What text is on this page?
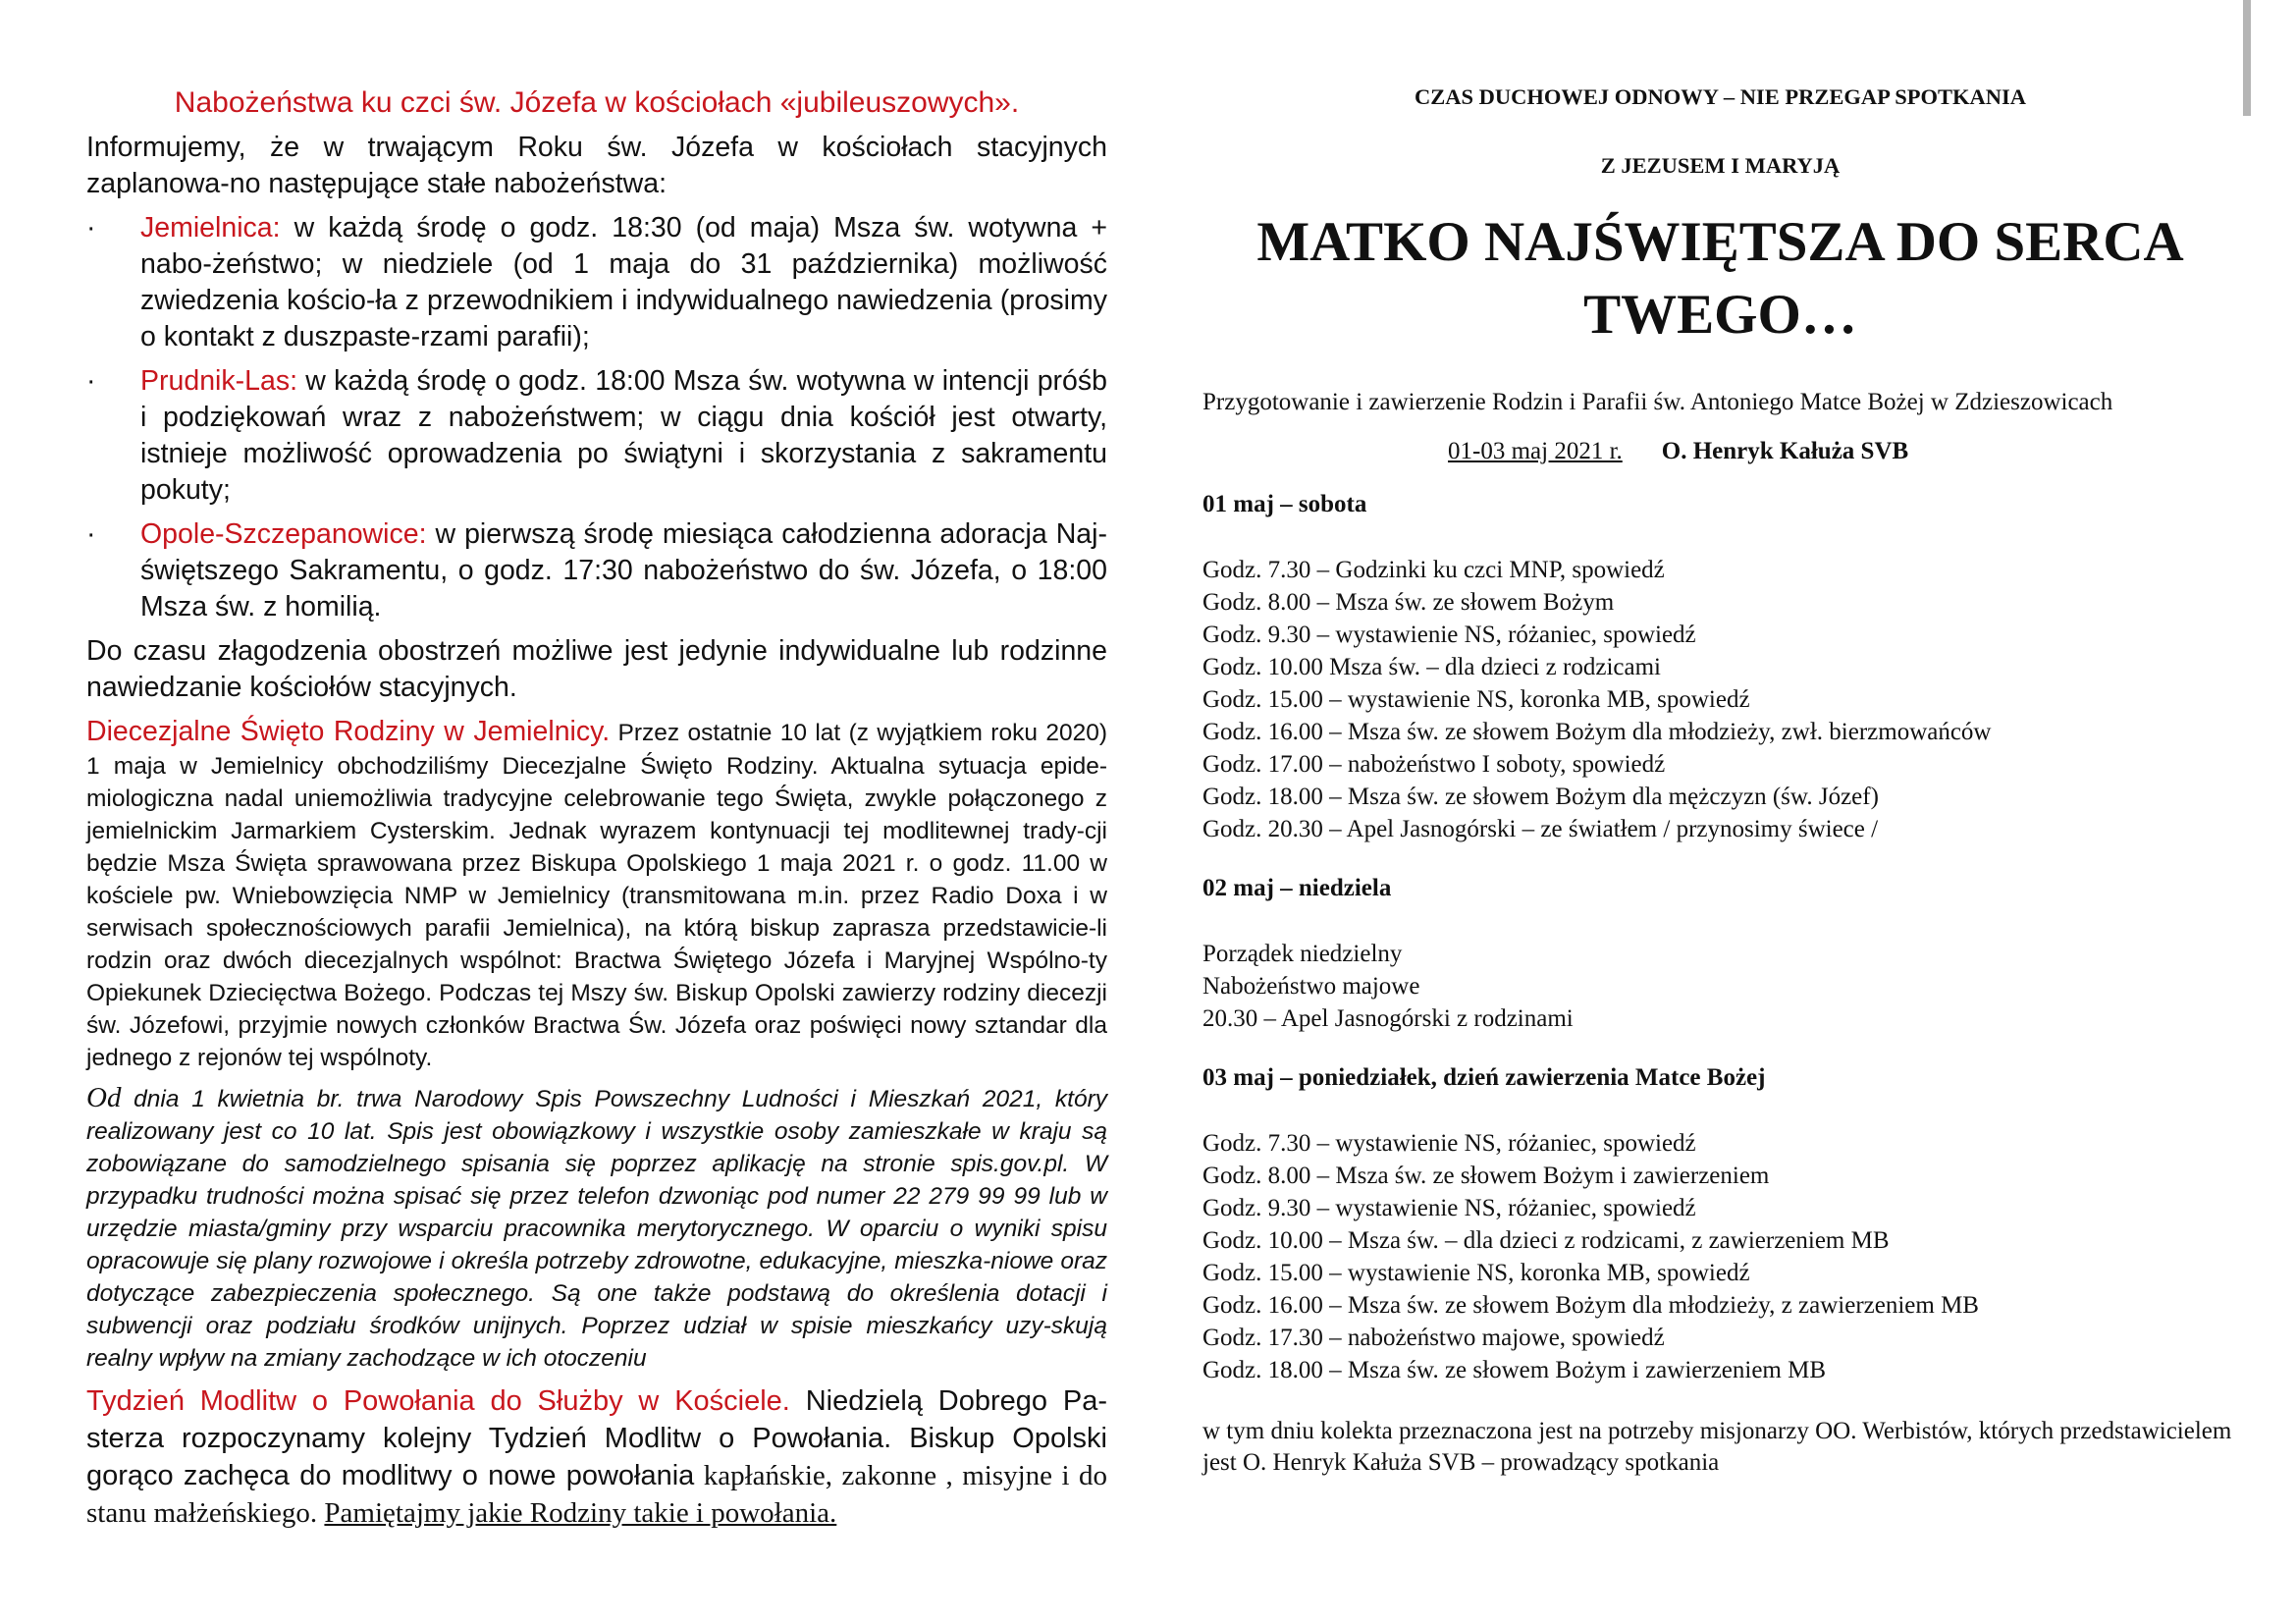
Nabożeństwa ku czci św. Józefa w kościołach «jubileuszowych».

Informujemy, że w trwającym Roku św. Józefa w kościołach stacyjnych zaplanowa-no następujące stałe nabożeństwa:

·	Jemielnica: w każdą środę o godz. 18:30 (od maja) Msza św. wotywna + nabo-żeństwo; w niedziele (od 1 maja do 31 października) możliwość zwiedzenia kościo-ła z przewodnikiem i indywidualnego nawiedzenia (prosimy o kontakt z duszpaste-rzami parafii);
·	Prudnik-Las: w każdą środę o godz. 18:00 Msza św. wotywna w intencji próśb i podziękowań wraz z nabożeństwem; w ciągu dnia kościół jest otwarty, istnieje możliwość oprowadzenia po świątyni i skorzystania z sakramentu pokuty;
·	Opole-Szczepanowice: w pierwszą środę miesiąca całodzienna adoracja Naj-świętszego Sakramentu, o godz. 17:30 nabożeństwo do św. Józefa, o 18:00 Msza św. z homilią.

Do czasu złagodzenia obostrzeń możliwe jest jedynie indywidualne lub rodzinne nawiedzanie kościołów stacyjnych.

Diecezjalne Święto Rodziny w Jemielnicy. Przez ostatnie 10 lat (z wyjątkiem roku 2020) 1 maja w Jemielnicy obchodziliśmy Diecezjalne Święto Rodziny. Aktualna sytuacja epide-miologiczna nadal uniemożliwia tradycyjne celebrowanie tego Święta, zwykle połączonego z jemielnickim Jarmarkiem Cysterskim. Jednak wyrazem kontynuacji tej modlitewnej trady-cji będzie Msza Święta sprawowana przez Biskupa Opolskiego 1 maja 2021 r. o godz. 11.00 w kościele pw. Wniebowzięcia NMP w Jemielnicy (transmitowana m.in. przez Radio Doxa i w serwisach społecznościowych parafii Jemielnica), na którą biskup zaprasza przedstawicie-li rodzin oraz dwóch diecezjalnych wspólnot: Bractwa Świętego Józefa i Maryjnej Wspólno-ty Opiekunek Dziecięctwa Bożego. Podczas tej Mszy św. Biskup Opolski zawierzy rodziny diecezji św. Józefowi, przyjmie nowych członków Bractwa Św. Józefa oraz poświęci nowy sztandar dla jednego z rejonów tej wspólnoty.

Od dnia 1 kwietnia br. trwa Narodowy Spis Powszechny Ludności i Mieszkań 2021, który realizowany jest co 10 lat. Spis jest obowiązkowy i wszystkie osoby zamieszkałe w kraju są zobowiązane do samodzielnego spisania się poprzez aplikację na stronie spis.gov.pl. W przypadku trudności można spisać się przez telefon dzwoniąc pod numer 22 279 99 99 lub w urzędzie miasta/gminy przy wsparciu pracownika merytorycznego. W oparciu o wyniki spisu opracowuje się plany rozwojowe i określa potrzeby zdrowotne, edukacyjne, mieszka-niowe oraz dotyczące zabezpieczenia społecznego. Są one także podstawą do określenia dotacji i subwencji oraz podziału środków unijnych. Poprzez udział w spisie mieszkańcy uzy-skują realny wpływ na zmiany zachodzące w ich otoczeniu

Tydzień Modlitw o Powołania do Służby w Kościele. Niedzielą Dobrego Pa-sterza rozpoczynamy kolejny Tydzień Modlitw o Powołania. Biskup Opolski gorąco zachęca do modlitwy o nowe powołania kapłańskie, zakonne , misyjne i do stanu małżeńskiego. Pamiętajmy jakie Rodziny takie i powołania.

CZAS DUCHOWEJ ODNOWY – NIE PRZEGAP SPOTKANIA
Z JEZUSEM I MARYJĄ
MATKO NAJŚWIĘTSZA DO SERCA TWEGO…
Przygotowanie i zawierzenie Rodzin i Parafii św. Antoniego Matce Bożej w Zdzieszowicach
01-03 maj 2021 r. O. Henryk Kałuża SVB
01 maj – sobota
Godz. 7.30 – Godzinki ku czci MNP, spowiedź
Godz. 8.00 – Msza św. ze słowem Bożym
Godz. 9.30 – wystawienie NS, różaniec, spowiedź
Godz. 10.00 Msza św. – dla dzieci z rodzicami
Godz. 15.00 – wystawienie NS, koronka MB, spowiedź
Godz. 16.00 – Msza św. ze słowem Bożym dla młodzieży, zwł. bierzmowańców
Godz. 17.00 – nabożeństwo I soboty, spowiedź
Godz. 18.00 – Msza św. ze słowem Bożym dla mężczyzn (św. Józef)
Godz. 20.30 – Apel Jasnogórski – ze światłem / przynosimy świece /
02 maj – niedziela
Porządek niedzielny
Nabożeństwo majowe
20.30 – Apel Jasnogórski z rodzinami
03 maj – poniedziałek, dzień zawierzenia Matce Bożej
Godz. 7.30 – wystawienie NS, różaniec, spowiedź
Godz. 8.00 – Msza św. ze słowem Bożym i zawierzeniem
Godz. 9.30 – wystawienie NS, różaniec, spowiedź
Godz. 10.00 – Msza św. – dla dzieci z rodzicami, z zawierzeniem MB
Godz. 15.00 – wystawienie NS, koronka MB, spowiedź
Godz. 16.00 – Msza św. ze słowem Bożym dla młodzieży, z zawierzeniem MB
Godz. 17.30 – nabożeństwo majowe, spowiedź
Godz. 18.00 – Msza św. ze słowem Bożym i zawierzeniem MB
w tym dniu kolekta przeznaczona jest na potrzeby misjonarzy OO. Werbistów, których przedstawicielem jest O. Henryk Kałuża SVB – prowadzący spotkania
